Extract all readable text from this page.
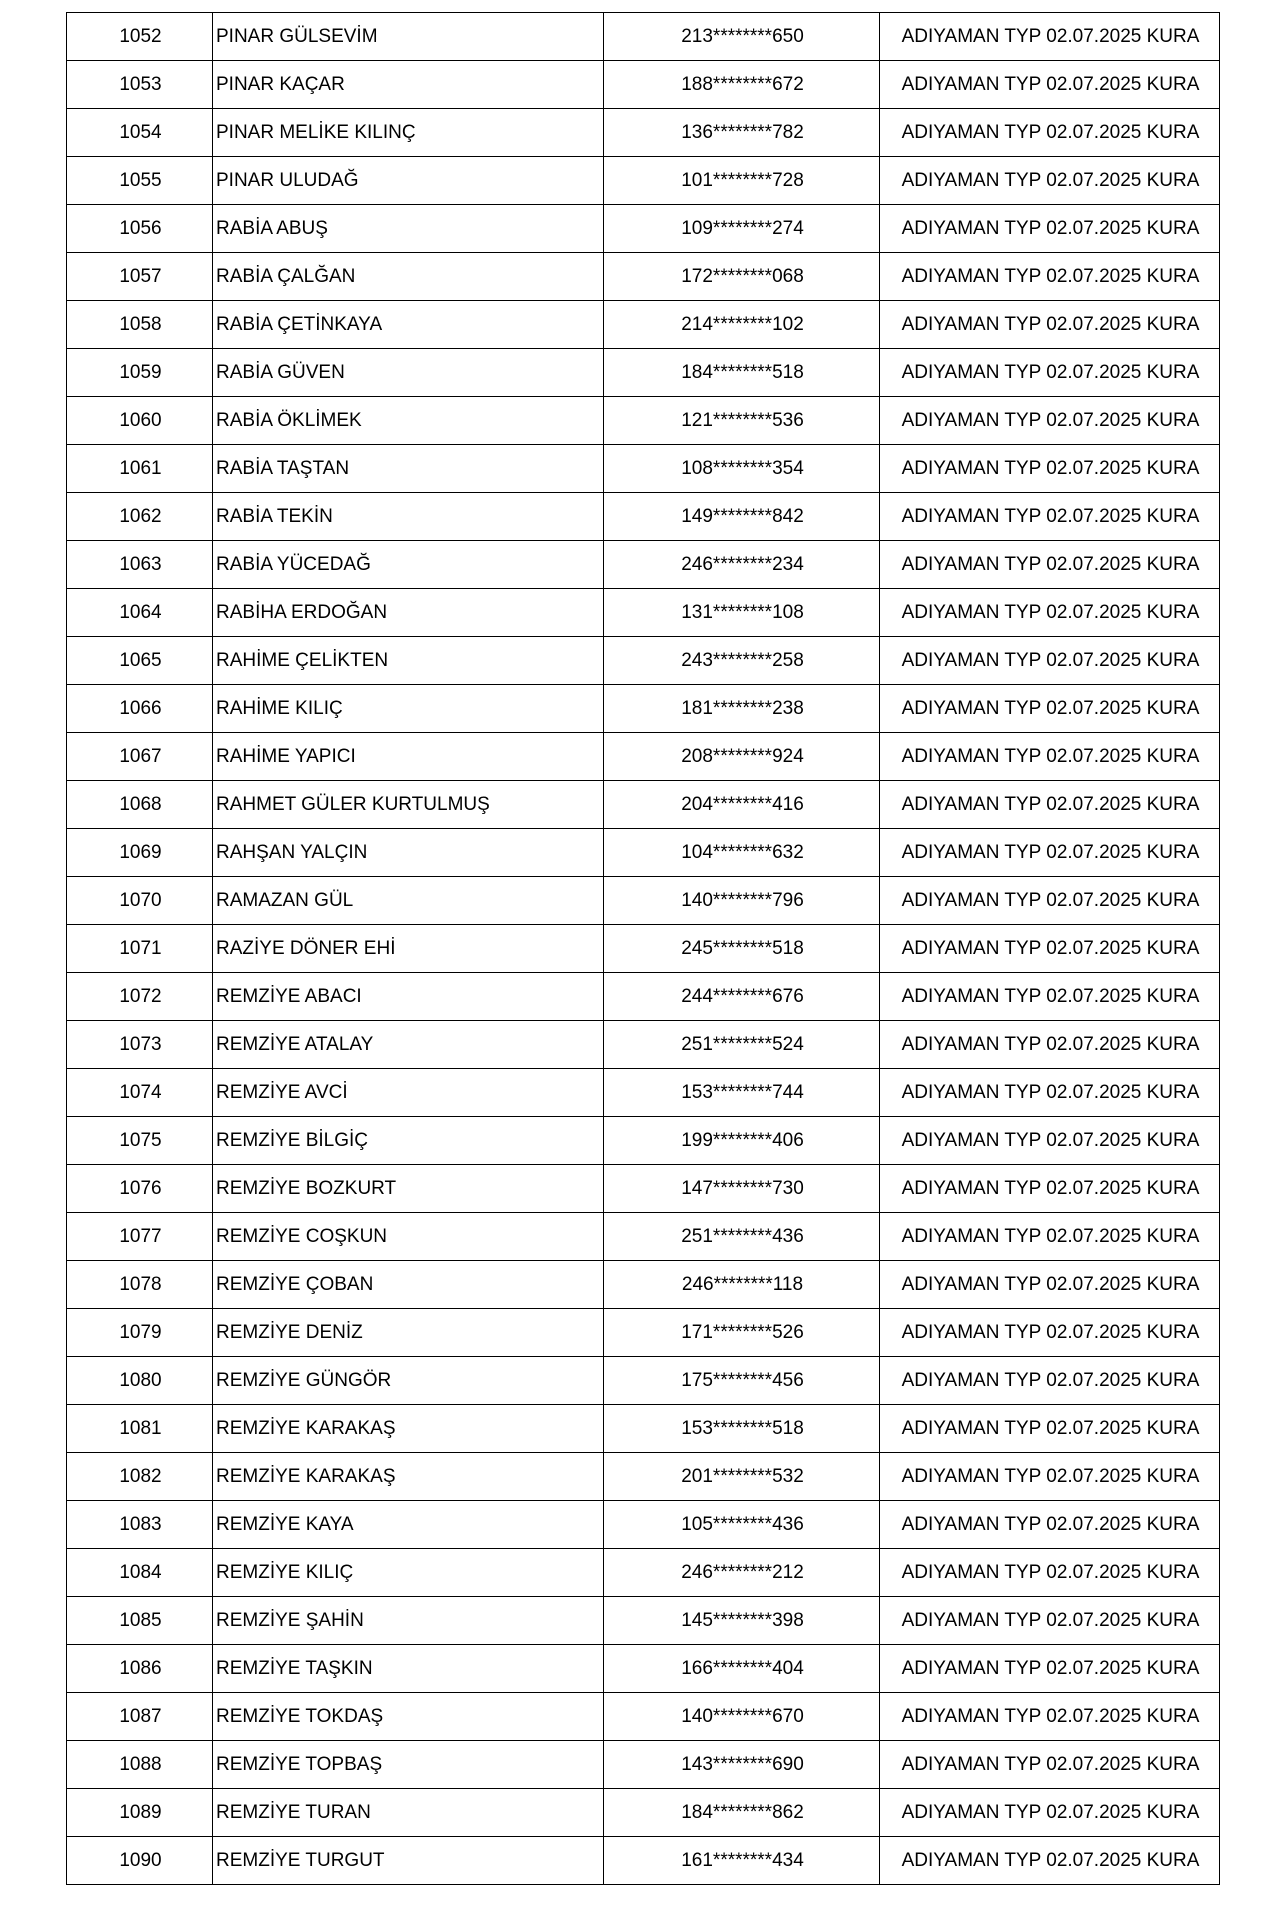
1052	PINAR GÜLSEVİM	213********650	ADIYAMAN TYP 02.07.2025 KURA
1053	PINAR KAÇAR	188********672	ADIYAMAN TYP 02.07.2025 KURA
1054	PINAR MELİKE KILINÇ	136********782	ADIYAMAN TYP 02.07.2025 KURA
1055	PINAR ULUDAĞ	101********728	ADIYAMAN TYP 02.07.2025 KURA
1056	RABİA ABUŞ	109********274	ADIYAMAN TYP 02.07.2025 KURA
1057	RABİA ÇALĞAN	172********068	ADIYAMAN TYP 02.07.2025 KURA
1058	RABİA ÇETİNKAYA	214********102	ADIYAMAN TYP 02.07.2025 KURA
1059	RABİA GÜVEN	184********518	ADIYAMAN TYP 02.07.2025 KURA
1060	RABİA ÖKLİMEK	121********536	ADIYAMAN TYP 02.07.2025 KURA
1061	RABİA TAŞTAN	108********354	ADIYAMAN TYP 02.07.2025 KURA
1062	RABİA TEKİN	149********842	ADIYAMAN TYP 02.07.2025 KURA
1063	RABİA YÜCEDAĞ	246********234	ADIYAMAN TYP 02.07.2025 KURA
1064	RABİHA ERDOĞAN	131********108	ADIYAMAN TYP 02.07.2025 KURA
1065	RAHİME ÇELİKTEN	243********258	ADIYAMAN TYP 02.07.2025 KURA
1066	RAHİME KILIÇ	181********238	ADIYAMAN TYP 02.07.2025 KURA
1067	RAHİME YAPICI	208********924	ADIYAMAN TYP 02.07.2025 KURA
1068	RAHMET GÜLER KURTULMUŞ	204********416	ADIYAMAN TYP 02.07.2025 KURA
1069	RAHŞAN YALÇIN	104********632	ADIYAMAN TYP 02.07.2025 KURA
1070	RAMAZAN GÜL	140********796	ADIYAMAN TYP 02.07.2025 KURA
1071	RAZİYE DÖNER EHİ	245********518	ADIYAMAN TYP 02.07.2025 KURA
1072	REMZİYE ABACI	244********676	ADIYAMAN TYP 02.07.2025 KURA
1073	REMZİYE ATALAY	251********524	ADIYAMAN TYP 02.07.2025 KURA
1074	REMZİYE AVCİ	153********744	ADIYAMAN TYP 02.07.2025 KURA
1075	REMZİYE BİLGİÇ	199********406	ADIYAMAN TYP 02.07.2025 KURA
1076	REMZİYE BOZKURT	147********730	ADIYAMAN TYP 02.07.2025 KURA
1077	REMZİYE COŞKUN	251********436	ADIYAMAN TYP 02.07.2025 KURA
1078	REMZİYE ÇOBAN	246********118	ADIYAMAN TYP 02.07.2025 KURA
1079	REMZİYE DENİZ	171********526	ADIYAMAN TYP 02.07.2025 KURA
1080	REMZİYE GÜNGÖR	175********456	ADIYAMAN TYP 02.07.2025 KURA
1081	REMZİYE KARAKAŞ	153********518	ADIYAMAN TYP 02.07.2025 KURA
1082	REMZİYE KARAKAŞ	201********532	ADIYAMAN TYP 02.07.2025 KURA
1083	REMZİYE KAYA	105********436	ADIYAMAN TYP 02.07.2025 KURA
1084	REMZİYE KILIÇ	246********212	ADIYAMAN TYP 02.07.2025 KURA
1085	REMZİYE ŞAHİN	145********398	ADIYAMAN TYP 02.07.2025 KURA
1086	REMZİYE TAŞKIN	166********404	ADIYAMAN TYP 02.07.2025 KURA
1087	REMZİYE TOKDAŞ	140********670	ADIYAMAN TYP 02.07.2025 KURA
1088	REMZİYE TOPBAŞ	143********690	ADIYAMAN TYP 02.07.2025 KURA
1089	REMZİYE TURAN	184********862	ADIYAMAN TYP 02.07.2025 KURA
1090	REMZİYE TURGUT	161********434	ADIYAMAN TYP 02.07.2025 KURA
